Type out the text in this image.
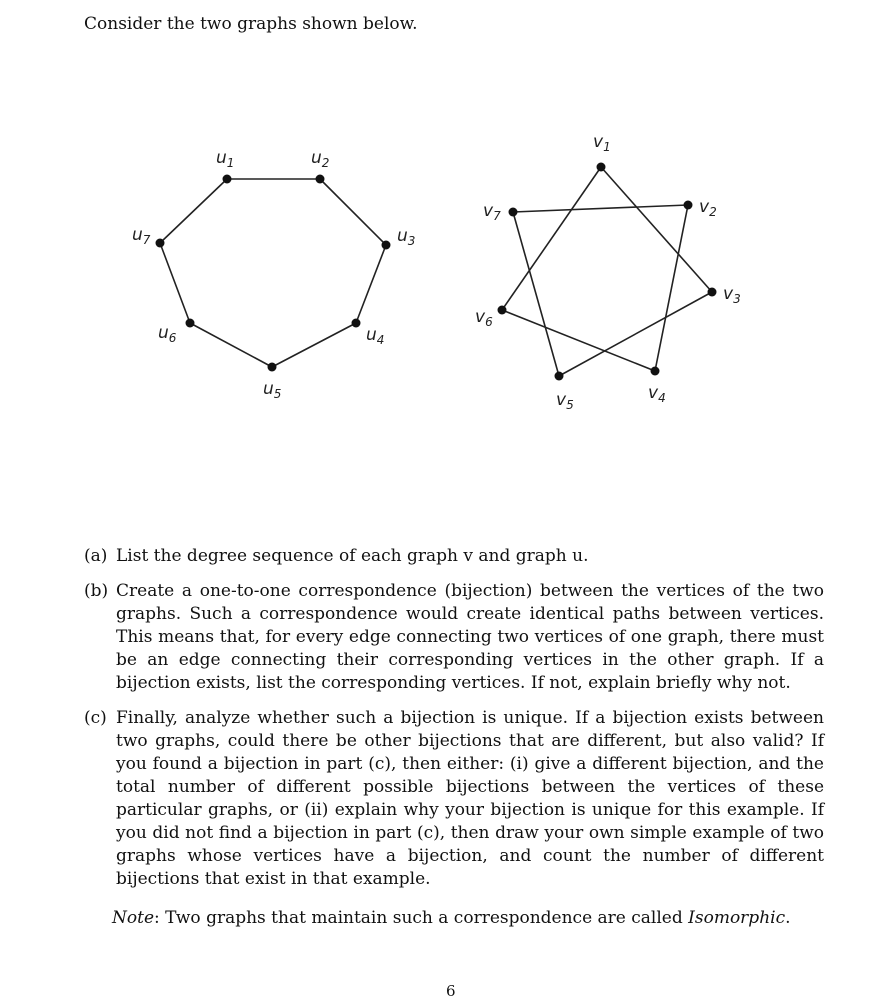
Consider the two graphs shown below.
$u_1$	$u_2$
$u_3$
$u_4$
$u_5$
$u_6$
$u_7$
$v_1$
$v_2$
$v_3$
$v_4$
$v_5$
$v_6$
$v_7$
(a) List the degree sequence of each graph v and graph u.
(b) Create a one-to-one correspondence (bijection) between the vertices of the two graphs. Such a correspondence would create identical paths between vertices. This means that, for every edge connecting two vertices of one graph, there must be an edge connecting their corresponding vertices in the other graph. If a bijection exists, list the corresponding vertices. If not, explain briefly why not.
(c) Finally, analyze whether such a bijection is unique. If a bijection exists between two graphs, could there be other bijections that are different, but also valid? If you found a bijection in part (c), then either: (i) give a different bijection, and the total number of different possible bijections between the vertices of these particular graphs, or (ii) explain why your bijection is unique for this example. If you did not find a bijection in part (c), then draw your own simple example of two graphs whose vertices have a bijection, and count the number of different bijections that exist in that example.
Note: Two graphs that maintain such a correspondence are called Isomorphic.
6
